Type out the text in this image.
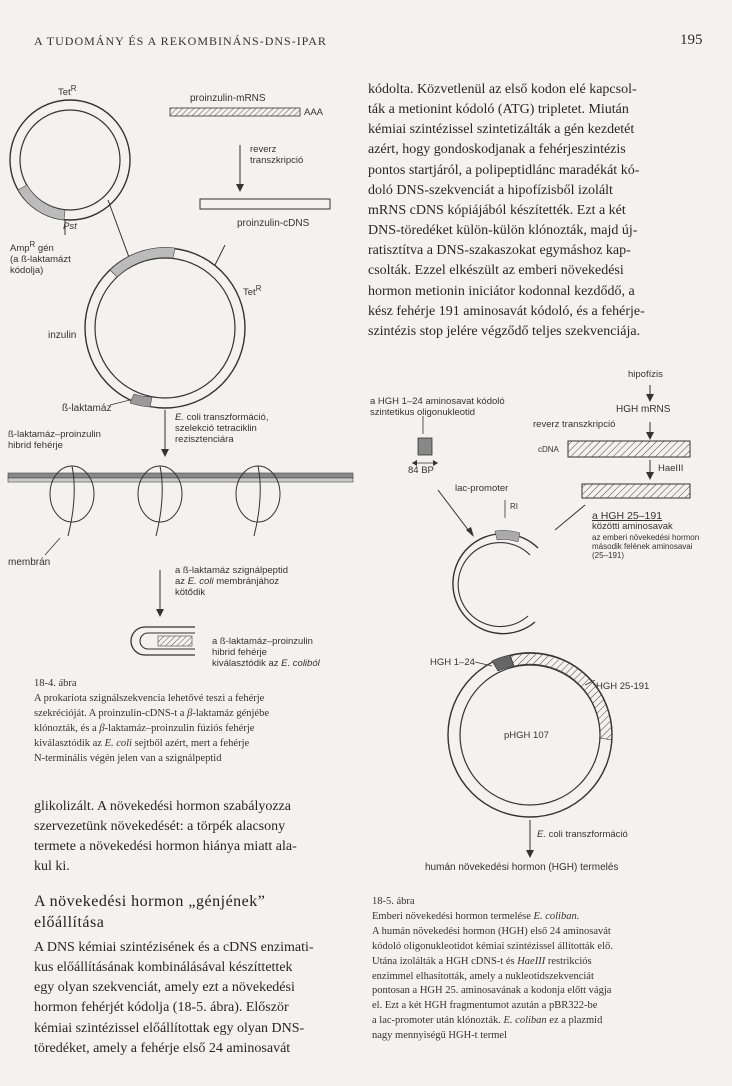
A TUDOMÁNY ÉS A REKOMBINÁNS-DNS-IPAR	195
Tet$^R$
Pst
Amp$^R$ gén
(a ß-laktamázt
kódolja)
proinzulin-mRNS
AAA
reverz
transzkripció
proinzulin-cDNS
Tet$^R$
inzulin
ß-laktamáz
E. coli transzformáció,
szelekció tetraciklin
rezisztenciára
ß-laktamáz–proinzulin
hibrid fehérje
membrán
a ß-laktamáz szignálpeptid
az E. coli membránjához
kötődik
a ß-laktamáz–proinzulin
hibrid fehérje
kiválasztódik az E. coliból
18-4. ábra
A prokariota szignálszekvencia lehetővé teszi a fehérje
szekrécióját. A proinzulin-cDNS-t a β-laktamáz génjébe
klónozták, és a β-laktamáz–proinzulin fúziós fehérje
kiválasztódik az E. coli sejtből azért, mert a fehérje
N-terminális végén jelen van a szignálpeptid

glikolizált. A növekedési hormon szabályozza

szervezetünk növekedését: a törpék alacsony

termete a növekedési hormon hiánya miatt ala-

kul ki.

A növekedési hormon „génjének”
előállítása

A DNS kémiai szintézisének és a cDNS enzimati-

kus előállításának kombinálásával készíttettek

egy olyan szekvenciát, amely ezt a növekedési

hormon fehérjét kódolja (18-5. ábra). Először

kémiai szintézissel előállítottak egy olyan DNS-

töredéket, amely a fehérje első 24 aminosavát

kódolta. Közvetlenül az első kodon elé kapcsol-

ták a metionint kódoló (ATG) tripletet. Miután

kémiai szintézissel szintetizálták a gén kezdetét

azért, hogy gondoskodjanak a fehérjeszintézis

pontos startjáról, a polipeptidlánc maradékát kó-

doló DNS-szekvenciát a hipofízisből izolált

mRNS cDNS kópiájából készítették. Ezt a két

DNS-töredéket külön-külön klónozták, majd új-

ratisztítva a DNS-szakaszokat egymáshoz kap-

csolták. Ezzel elkészült az emberi növekedési

hormon metionin iniciátor kodonnal kezdődő, a

kész fehérje 191 aminosavát kódoló, és a fehérje-

szintézis stop jelére végződő teljes szekvenciája.

hipofízis
HGH mRNS
a HGH 1–24 aminosavat kódoló
szintetikus oligonukleotid
reverz transzkripció
cDNA
HaeIII
84 BP
lac-promoter
RI
a HGH 25–191
közötti aminosavak
az emberi növekedési hormon
második felének aminosavai
(25–191)
HGH 1–24
HGH 25-191
pHGH 107
E. coli transzformáció
humán növekedési hormon (HGH) termelés
18-5. ábra
Emberi növekedési hormon termelése E. coliban.
A humán növekedési hormon (HGH) első 24 aminosavát
kódoló oligonukleotidot kémiai szintézissel állították elő.
Utána izolálták a HGH cDNS-t és HaeIII restrikciós
enzimmel elhasították, amely a nukleotidszekvenciát
pontosan a HGH 25. aminosavának a kodonja előtt vágja
el. Ezt a két HGH fragmentumot azután a pBR322-be
a lac-promoter után klónozták. E. coliban ez a plazmid
nagy mennyiségű HGH-t termel
